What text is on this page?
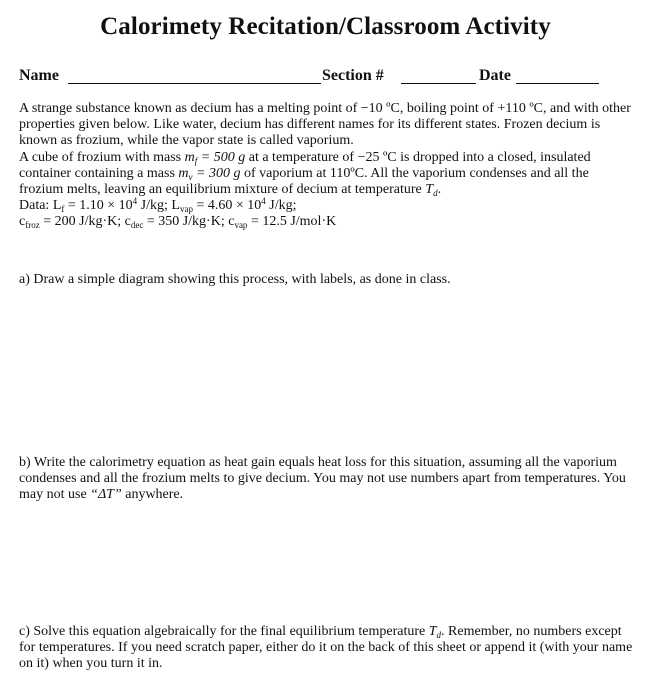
Calorimety Recitation/Classroom Activity
Name	Section #	Date

A strange substance known as decium has a melting point of −10 ºC, boiling point of +110 ºC, and with other properties given below. Like water, decium has different names for its different states. Frozen decium is known as frozium, while the vapor state is called vaporium.

A cube of frozium with mass $m_f = 500$ g at a temperature of −25 ºC is dropped into a closed, insulated container containing a mass $m_v = 300$ g of vaporium at 110ºC. All the vaporium condenses and all the frozium melts, leaving an equilibrium mixture of decium at temperature $T_d$.

Data: $L_f = 1.10 \times 10^4$ J/kg; $L_{vap} = 4.60 \times 10^4$ J/kg;

$c_{froz} = 200$ J/kg·K; $c_{dec} = 350$ J/kg·K; $c_{vap} = 12.5$ J/mol·K

a) Draw a simple diagram showing this process, with labels, as done in class.
b) Write the calorimetry equation as heat gain equals heat loss for this situation, assuming all the vaporium condenses and all the frozium melts to give decium. You may not use numbers apart from temperatures. You may not use “ΔT” anywhere.
c) Solve this equation algebraically for the final equilibrium temperature $T_d$. Remember, no numbers except for temperatures. If you need scratch paper, either do it on the back of this sheet or append it (with your name on it) when you turn it in.
